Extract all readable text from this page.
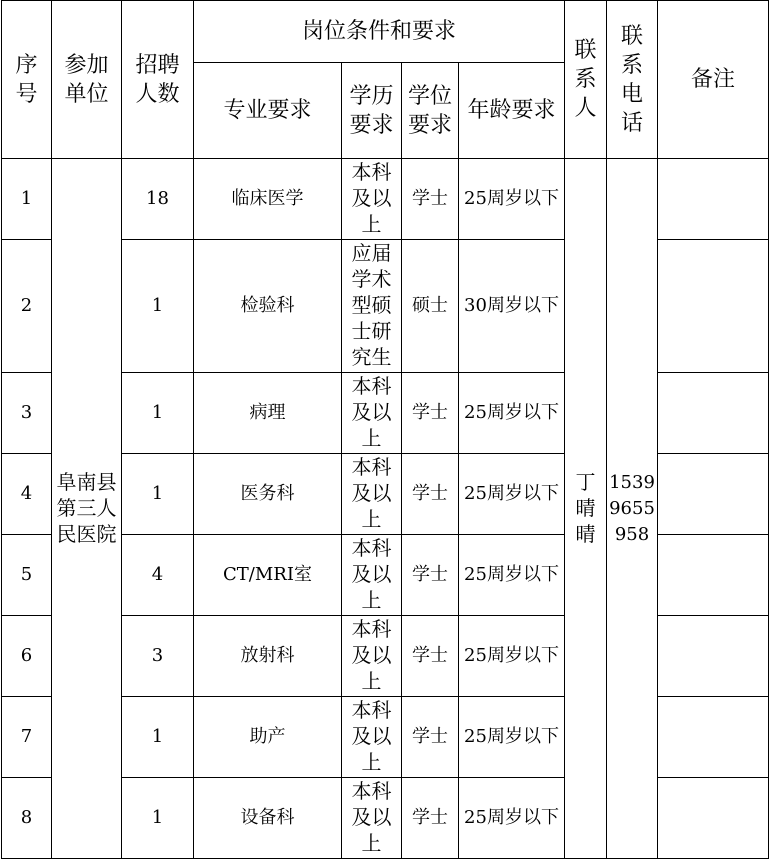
序号	参加单位	招聘人数	岗位条件和要求				联系人	联系电话	备注
			专业要求	学历要求	学位要求	年龄要求			
1	阜南县第三人民医院	18	临床医学	本科及以上	学士	25周岁以下	丁晴晴	15399655958	
2		1	检验科	应届学术型硕士研究生	硕士	30周岁以下			
3		1	病理	本科及以上	学士	25周岁以下			
4		1	医务科	本科及以上	学士	25周岁以下			
5		4	CT/MRI室	本科及以上	学士	25周岁以下			
6		3	放射科	本科及以上	学士	25周岁以下			
7		1	助产	本科及以上	学士	25周岁以下			
8		1	设备科	本科及以上	学士	25周岁以下			
